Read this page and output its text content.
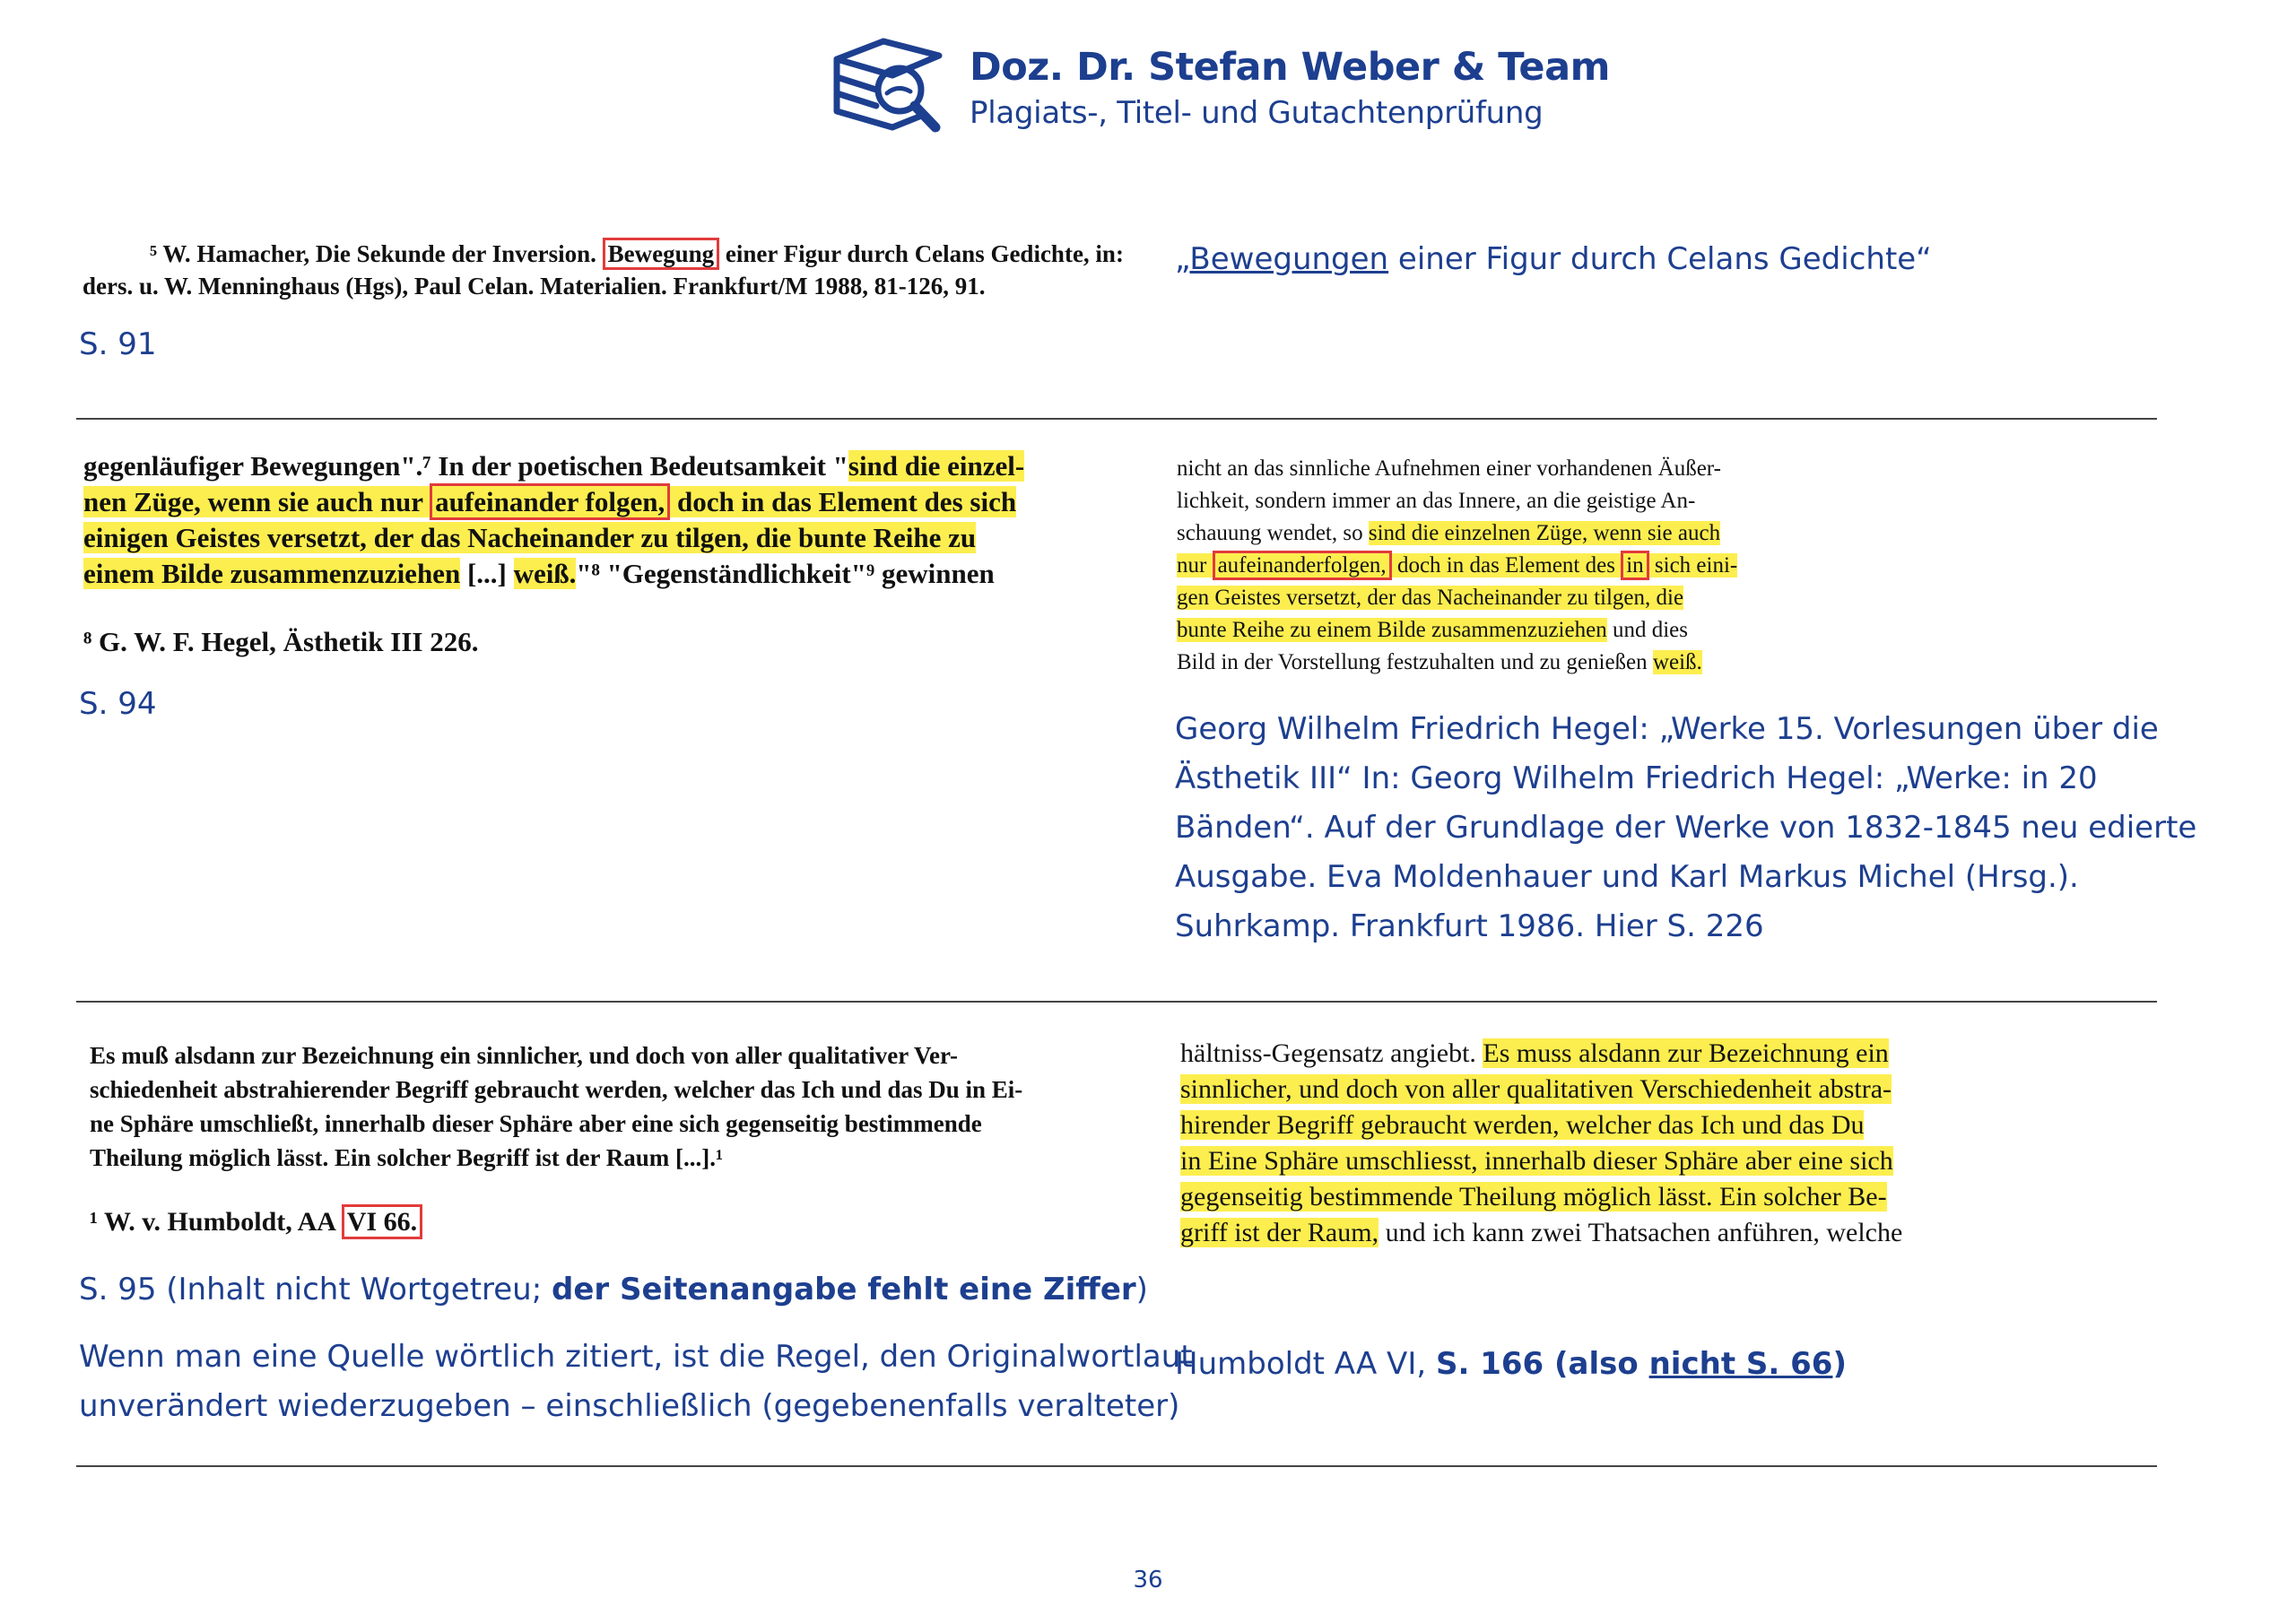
Doz. Dr. Stefan Weber & Team
Plagiats-, Titel- und Gutachtenprüfung
⁵ W. Hamacher, Die Sekunde der Inversion. Bewegung einer Figur durch Celans Gedichte, in:
ders. u. W. Menninghaus (Hgs), Paul Celan. Materialien. Frankfurt/M 1988, 81-126, 91.
S. 91
„Bewegungen einer Figur durch Celans Gedichte“
gegenläufiger Bewegungen".⁷ In der poetischen Bedeutsamkeit "sind die einzel-
nen Züge, wenn sie auch nur aufeinander folgen, doch in das Element des sich
einigen Geistes versetzt, der das Nacheinander zu tilgen, die bunte Reihe zu
einem Bilde zusammenzuziehen [...] weiß."⁸ "Gegenständlichkeit"⁹ gewinnen
⁸ G. W. F. Hegel, Ästhetik III 226.
S. 94
nicht an das sinnliche Aufnehmen einer vorhandenen Äußer-
lichkeit, sondern immer an das Innere, an die geistige An-
schauung wendet, so sind die einzelnen Züge, wenn sie auch
nur aufeinanderfolgen, doch in das Element des in sich eini-
gen Geistes versetzt, der das Nacheinander zu tilgen, die
bunte Reihe zu einem Bilde zusammenzuziehen und dies
Bild in der Vorstellung festzuhalten und zu genießen weiß.
Georg Wilhelm Friedrich Hegel: „Werke 15. Vorlesungen über die
Ästhetik III“ In: Georg Wilhelm Friedrich Hegel: „Werke: in 20
Bänden“. Auf der Grundlage der Werke von 1832-1845 neu edierte
Ausgabe. Eva Moldenhauer und Karl Markus Michel (Hrsg.).
Suhrkamp. Frankfurt 1986. Hier S. 226
Es muß alsdann zur Bezeichnung ein sinnlicher, und doch von aller qualitativer Ver-
schiedenheit abstrahierender Begriff gebraucht werden, welcher das Ich und das Du in Ei-
ne Sphäre umschließt, innerhalb dieser Sphäre aber eine sich gegenseitig bestimmende
Theilung möglich lässt. Ein solcher Begriff ist der Raum [...].¹
¹ W. v. Humboldt, AA VI 66.
S. 95 (Inhalt nicht Wortgetreu; der Seitenangabe fehlt eine Ziffer)
Wenn man eine Quelle wörtlich zitiert, ist die Regel, den Originalwortlaut
unverändert wiederzugeben – einschließlich (gegebenenfalls veralteter)
hältniss-Gegensatz angiebt. Es muss alsdann zur Bezeichnung ein
sinnlicher, und doch von aller qualitativen Verschiedenheit abstra-
hirender Begriff gebraucht werden, welcher das Ich und das Du
in Eine Sphäre umschliesst, innerhalb dieser Sphäre aber eine sich
gegenseitig bestimmende Theilung möglich lässt. Ein solcher Be-
griff ist der Raum, und ich kann zwei Thatsachen anführen, welche
Humboldt AA VI, S. 166 (also nicht S. 66)
36
